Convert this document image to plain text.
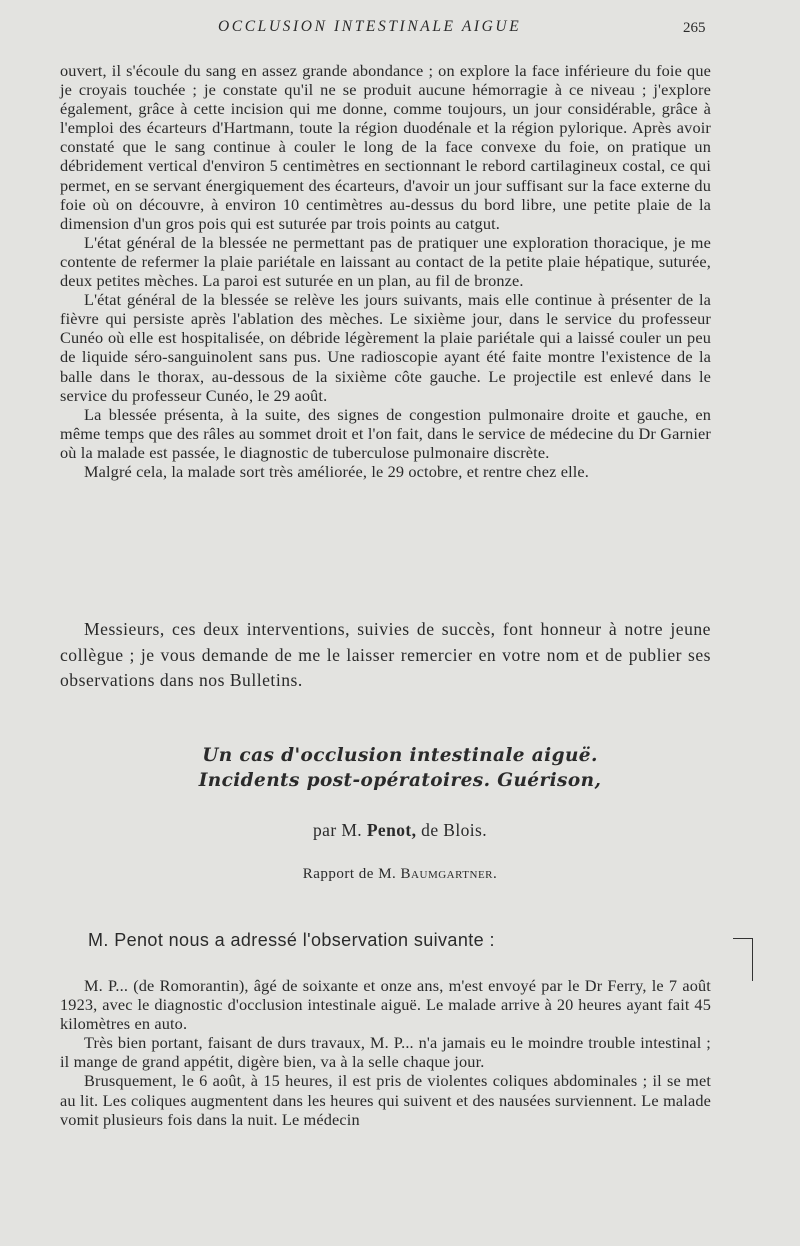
OCCLUSION INTESTINALE AIGUE	265

ouvert, il s'écoule du sang en assez grande abondance ; on explore la face inférieure du foie que je croyais touchée ; je constate qu'il ne se produit aucune hémorragie à ce niveau ; j'explore également, grâce à cette incision qui me donne, comme toujours, un jour considérable, grâce à l'emploi des écarteurs d'Hartmann, toute la région duodénale et la région pylorique. Après avoir constaté que le sang continue à couler le long de la face convexe du foie, on pratique un débridement vertical d'environ 5 centimètres en sectionnant le rebord cartilagineux costal, ce qui permet, en se servant énergiquement des écarteurs, d'avoir un jour suffisant sur la face externe du foie où on découvre, à environ 10 centimètres au-dessus du bord libre, une petite plaie de la dimension d'un gros pois qui est suturée par trois points au catgut.

L'état général de la blessée ne permettant pas de pratiquer une exploration thoracique, je me contente de refermer la plaie pariétale en laissant au contact de la petite plaie hépatique, suturée, deux petites mèches. La paroi est suturée en un plan, au fil de bronze.

L'état général de la blessée se relève les jours suivants, mais elle continue à présenter de la fièvre qui persiste après l'ablation des mèches. Le sixième jour, dans le service du professeur Cunéo où elle est hospitalisée, on débride légèrement la plaie pariétale qui a laissé couler un peu de liquide séro-sanguinolent sans pus. Une radioscopie ayant été faite montre l'existence de la balle dans le thorax, au-dessous de la sixième côte gauche. Le projectile est enlevé dans le service du professeur Cunéo, le 29 août.

La blessée présenta, à la suite, des signes de congestion pulmonaire droite et gauche, en même temps que des râles au sommet droit et l'on fait, dans le service de médecine du Dr Garnier où la malade est passée, le diagnostic de tuberculose pulmonaire discrète.

Malgré cela, la malade sort très améliorée, le 29 octobre, et rentre chez elle.

Messieurs, ces deux interventions, suivies de succès, font honneur à notre jeune collègue ; je vous demande de me le laisser remercier en votre nom et de publier ses observations dans nos Bulletins.

Un cas d'occlusion intestinale aiguë.
Incidents post-opératoires. Guérison,
par M. Penot, de Blois.
Rapport de M. Baumgartner.
M. Penot nous a adressé l'observation suivante :

M. P... (de Romorantin), âgé de soixante et onze ans, m'est envoyé par le Dr Ferry, le 7 août 1923, avec le diagnostic d'occlusion intestinale aiguë. Le malade arrive à 20 heures ayant fait 45 kilomètres en auto.

Très bien portant, faisant de durs travaux, M. P... n'a jamais eu le moindre trouble intestinal ; il mange de grand appétit, digère bien, va à la selle chaque jour.

Brusquement, le 6 août, à 15 heures, il est pris de violentes coliques abdominales ; il se met au lit. Les coliques augmentent dans les heures qui suivent et des nausées surviennent. Le malade vomit plusieurs fois dans la nuit. Le médecin
